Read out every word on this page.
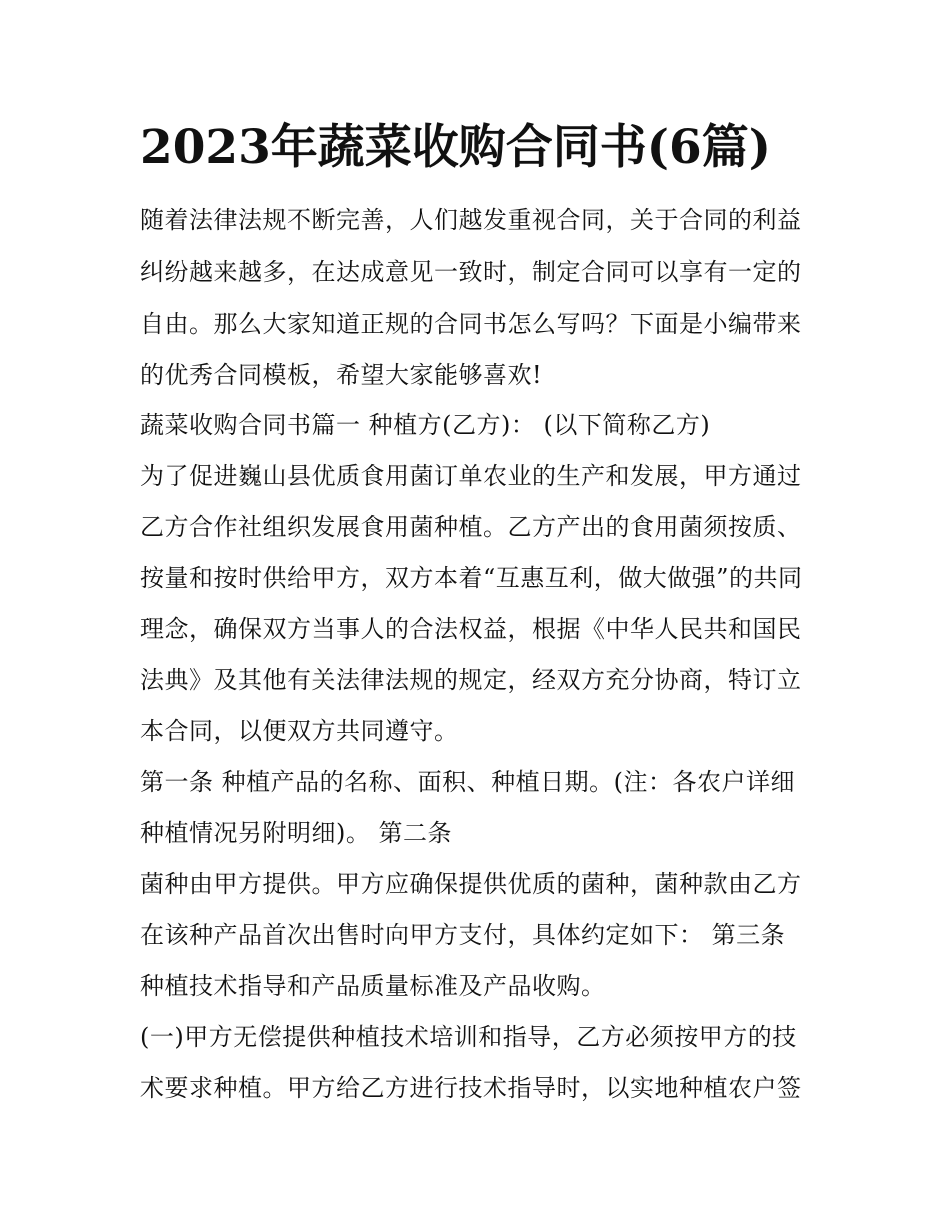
2023年蔬菜收购合同书(6篇)

随着法律法规不断完善，人们越发重视合同，关于合同的利益

纠纷越来越多，在达成意见一致时，制定合同可以享有一定的

自由。那么大家知道正规的合同书怎么写吗？下面是小编带来

的优秀合同模板，希望大家能够喜欢!

蔬菜收购合同书篇一 种植方(乙方)： (以下简称乙方)

为了促进巍山县优质食用菌订单农业的生产和发展，甲方通过

乙方合作社组织发展食用菌种植。乙方产出的食用菌须按质、

按量和按时供给甲方，双方本着“互惠互利，做大做强”的共同

理念，确保双方当事人的合法权益，根据《中华人民共和国民

法典》及其他有关法律法规的规定，经双方充分协商，特订立

本合同，以便双方共同遵守。

第一条 种植产品的名称、面积、种植日期。(注：各农户详细

种植情况另附明细)。 第二条

菌种由甲方提供。甲方应确保提供优质的菌种，菌种款由乙方

在该种产品首次出售时向甲方支付，具体约定如下： 第三条

种植技术指导和产品质量标准及产品收购。

(一)甲方无偿提供种植技术培训和指导，乙方必须按甲方的技

术要求种植。甲方给乙方进行技术指导时，以实地种植农户签
